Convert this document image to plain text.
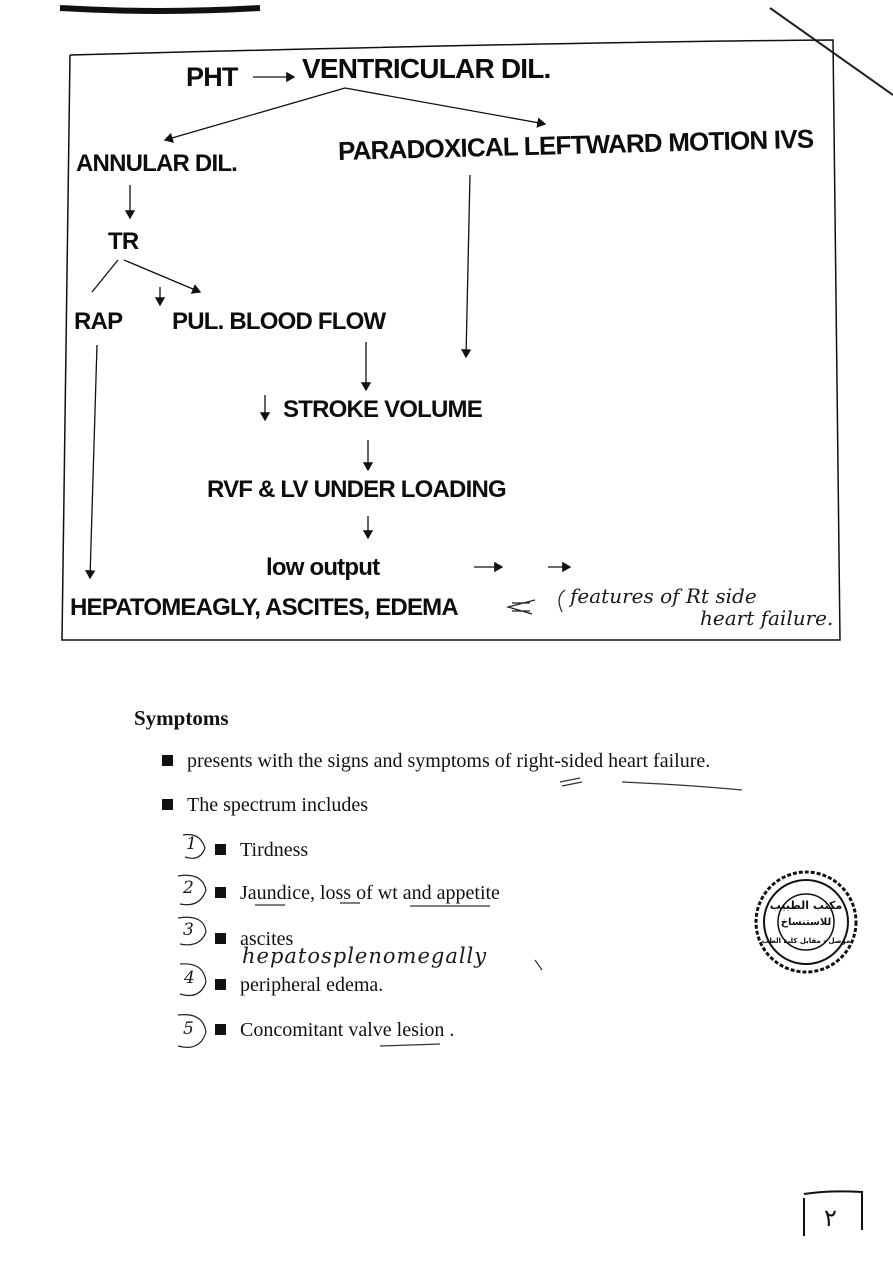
PHT VENTRICULAR DIL.
ANNULAR DIL.	PARADOXICAL LEFTWARD MOTION IVS
TR
RAP PUL. BLOOD FLOW
STROKE VOLUME
RVF & LV UNDER LOADING
low output
HEPATOMEAGLY, ASCITES, EDEMA	features of Rt side
heart failure.
Symptoms
presents with the signs and symptoms of right-sided heart failure.
The spectrum includes
1	Tirdness
2	Jaundice, loss of wt and appetite
3	ascites
hepatosplenomegally
4	peripheral edema.
5	Concomitant valve lesion .
مكتب الطبيب
للاستنساخ
موصل - مقابل كلية الطب
٢
